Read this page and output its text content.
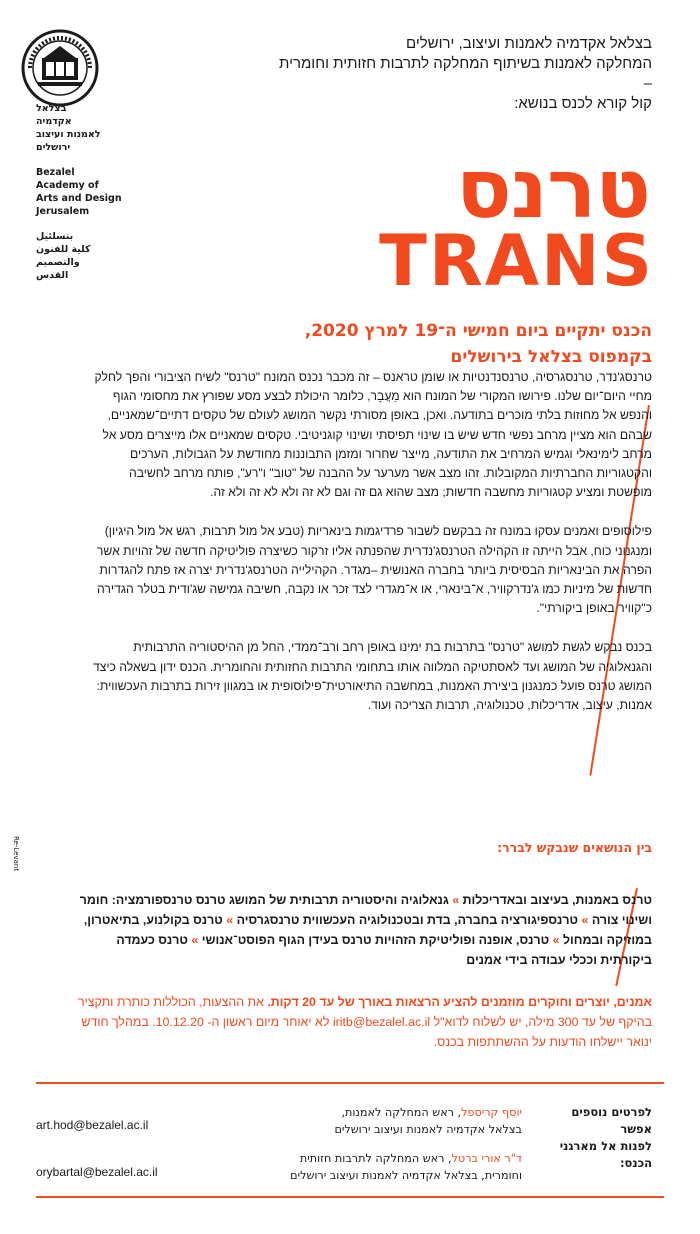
בצלאל אקדמיה לאמנות ועיצוב, ירושלים
המחלקה לאמנות בשיתוף המחלקה לתרבות חזותית וחומרית
–
קול קורא לכנס בנושא:
בצלאל
אקדמיה
לאמנות ועיצוב
ירושלים
Bezalel
Academy of
Arts and Design
Jerusalem
بتسلئيل
كلية للفنون
والتصميم
القدس
טרנס
TRANS
הכנס יתקיים ביום חמישי ה־19 למרץ 2020,
בקמפוס בצלאל בירושלים

טרנסג'נדר, טרנסגרסיה, טרנסנדנטיות או שומן טראנס – זה מכבר נכנס המונח "טרנס" לשיח הציבורי והפך לחלק מחיי היום־יום שלנו. פירושו המקורי של המונח הוא מַעֲבָר, כלומר היכולת לבצע מסע שפורץ את מחסומי הגוף והנפש אל מחוזות בלתי מוכרים בתודעה. ואכן, באופן מסורתי נקשר המושג לעולם של טקסים דתיים־שמאניים, שבהם הוא מציין מרחב נפשי חדש שיש בו שינוי תפיסתי ושינוי קוגניטיבי. טקסים שמאניים אלו מייצרים מסע אל מרחב לימינאלי וגמיש המרחיב את התודעה, מייצר שחרור ומזמן התבוננות מחודשת על הגבולות, הערכים והקטגוריות החברתיות המקובלות. זהו מצב אשר מערער על ההבנה של "טוב" ו"רע", פותח מרחב לחשיבה מופשטת ומציע קטגוריות מחשבה חדשות; מצב שהוא גם זה וגם לא זה ולא לא זה ולא זה.

פילוסופים ואמנים עסקו במונח זה בבקשם לשבור פרדיגמות בינאריות (טבע אל מול תרבות, רגש אל מול היגיון) ומנגנוני כוח, אבל הייתה זו הקהילה הטרנסג'נדרית שהפנתה אליו זרקור כשיצרה פוליטיקה חדשה של זהויות אשר הפרה את הבינאריות הבסיסית ביותר בחברה האנושית –מגדר. הקהילייה הטרנסג'נדרית יצרה אז פתח להגדרות חדשות של מיניות כמו ג'נדרקוויר, א־בינארי, או א־מגדרי לצד זכר או נקבה, חשיבה גמישה שג'ודית בטלר הגדירה כ"קוויר באופן ביקורתי".

בכנס נבקש לגשת למושג "טרנס" בתרבות בת ימינו באופן רחב ורב־ממדי, החל מן ההיסטוריה התרבותית והגנאלוגיה של המושג ועד לאסתטיקה המלווה אותו בתחומי התרבות החזותית והחומרית. הכנס ידון בשאלה כיצד המושג טרנס פועל כמנגנון ביצירת האמנות, במחשבה התיאורטית־פילוסופית או במגוון זירות בתרבות העכשווית: אמנות, עיצוב, אדריכלות, טכנולוגיה, תרבות הצריכה ועוד.

Re-Levant	בין הנושאים שנבקש לברר:
טרנס באמנות, בעיצוב ובאדריכלות » גנאלוגיה והיסטוריה תרבותית של המושג טרנס טרנספורמציה: חומר ושינוי צורה » טרנספיגורציה בחברה, בדת ובטכנולוגיה העכשווית טרנסגרסיה » טרנס בקולנוע, בתיאטרון, במוזיקה ובמחול » טרנס, אופנה ופוליטיקת הזהויות טרנס בעידן הגוף הפוסט־אנושי » טרנס כעמדה ביקורתית וככלי עבודה בידי אמנים
אמנים, יוצרים וחוקרים מוזמנים להציע הרצאות באורך של עד 20 דקות. את ההצעות, הכוללות כותרת ותקציר בהיקף של עד 300 מילה, יש לשלוח לדוא"ל iritb@bezalel.ac.il לא יאוחר מיום ראשון ה- 10.12.20. במהלך חודש ינואר יישלחו הודעות על ההשתתפות בכנס.
לפרטים נוספים אפשר
לפנות אל מארגני הכנס:
יוסף קריספל, ראש המחלקה לאמנות,
בצלאל אקדמיה לאמנות ועיצוב ירושלים
art.hod@bezalel.ac.il
ד"ר אורי ברטל, ראש המחלקה לתרבות חזותית
וחומרית, בצלאל אקדמיה לאמנות ועיצוב ירושלים
orybartal@bezalel.ac.il
